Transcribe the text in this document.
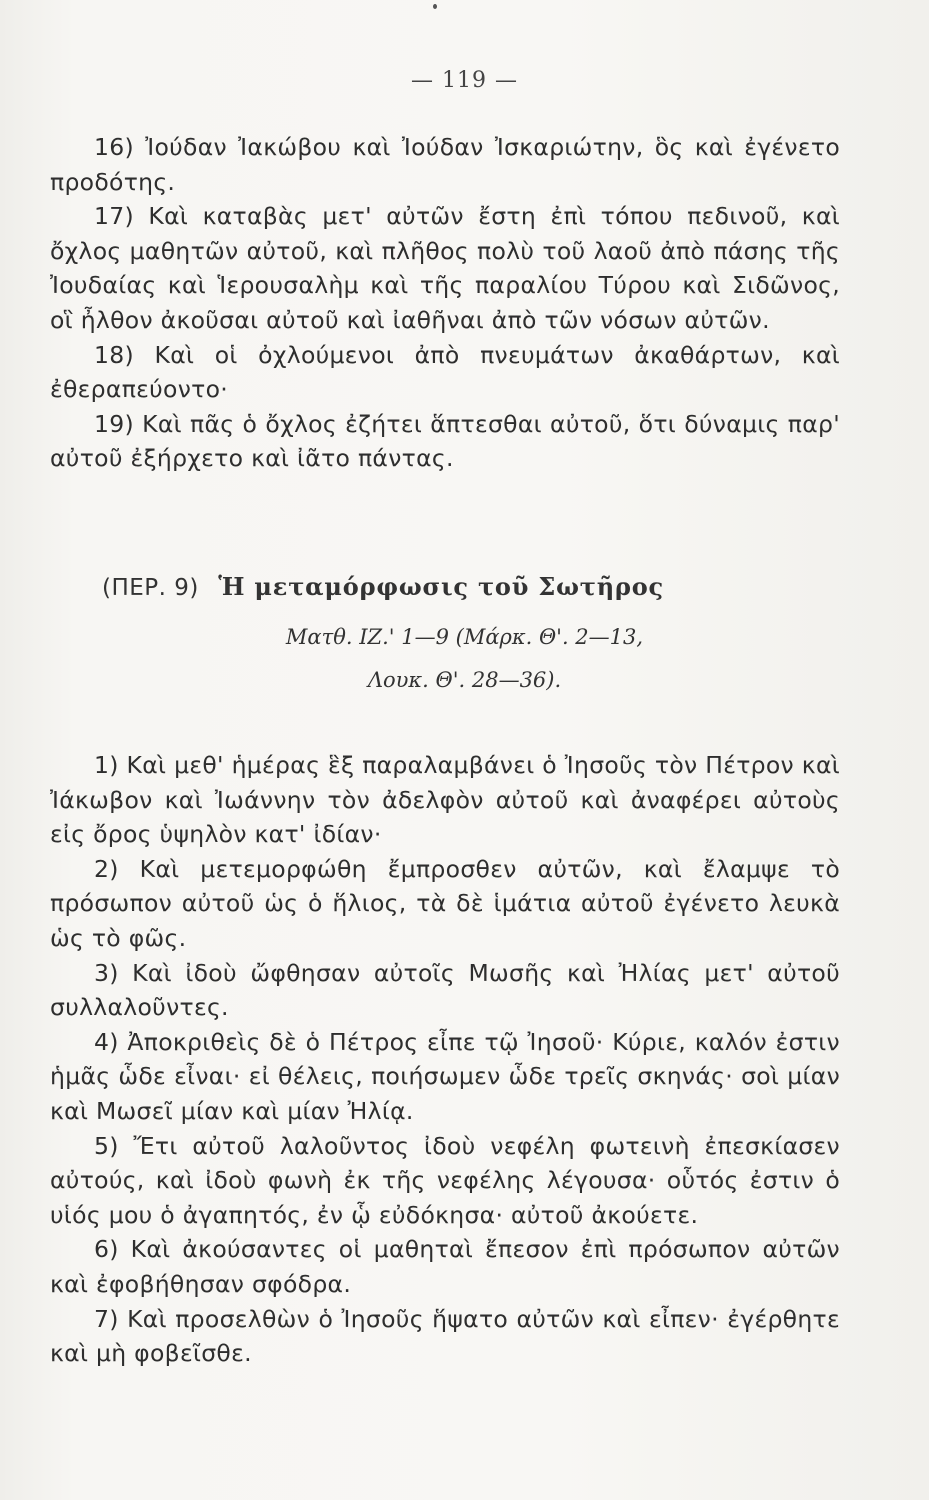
— 119 —

16) Ἰούδαν Ἰακώβου καὶ Ἰούδαν Ἰσκαριώτην, ὃς καὶ ἐγένετο προδότης.

17) Καὶ καταβὰς μετ' αὐτῶν ἔστη ἐπὶ τόπου πεδινοῦ, καὶ ὄχλος μαθητῶν αὐτοῦ, καὶ πλῆθος πολὺ τοῦ λαοῦ ἀπὸ πάσης τῆς Ἰουδαίας καὶ Ἱερουσαλὴμ καὶ τῆς παραλίου Τύρου καὶ Σιδῶνος, οἳ ἦλθον ἀκοῦσαι αὐτοῦ καὶ ἰαθῆναι ἀπὸ τῶν νόσων αὐτῶν.

18) Καὶ οἱ ὀχλούμενοι ἀπὸ πνευμάτων ἀκαθάρτων, καὶ ἐθεραπεύοντο·

19) Καὶ πᾶς ὁ ὄχλος ἐζήτει ἅπτεσθαι αὐτοῦ, ὅτι δύναμις παρ' αὐτοῦ ἐξήρχετο καὶ ἰᾶτο πάντας.

(ΠΕΡ. 9) Ἡ μεταμόρφωσις τοῦ Σωτῆρος
Ματθ. ΙΖ.' 1—9 (Μάρκ. Θ'. 2—13,
Λουκ. Θ'. 28—36).

1) Καὶ μεθ' ἡμέρας ἓξ παραλαμβάνει ὁ Ἰησοῦς τὸν Πέτρον καὶ Ἰάκωβον καὶ Ἰωάννην τὸν ἀδελφὸν αὐτοῦ καὶ ἀναφέρει αὐτοὺς εἰς ὄρος ὑψηλὸν κατ' ἰδίαν·

2) Καὶ μετεμορφώθη ἔμπροσθεν αὐτῶν, καὶ ἔλαμψε τὸ πρόσωπον αὐτοῦ ὡς ὁ ἥλιος, τὰ δὲ ἱμάτια αὐτοῦ ἐγένετο λευκὰ ὡς τὸ φῶς.

3) Καὶ ἰδοὺ ὤφθησαν αὐτοῖς Μωσῆς καὶ Ἠλίας μετ' αὐτοῦ συλλαλοῦντες.

4) Ἀποκριθεὶς δὲ ὁ Πέτρος εἶπε τῷ Ἰησοῦ· Κύριε, καλόν ἐστιν ἡμᾶς ὧδε εἶναι· εἰ θέλεις, ποιήσωμεν ὧδε τρεῖς σκηνάς· σοὶ μίαν καὶ Μωσεῖ μίαν καὶ μίαν Ἠλίᾳ.

5) Ἔτι αὐτοῦ λαλοῦντος ἰδοὺ νεφέλη φωτεινὴ ἐπεσκίασεν αὐτούς, καὶ ἰδοὺ φωνὴ ἐκ τῆς νεφέλης λέγουσα· οὗτός ἐστιν ὁ υἱός μου ὁ ἀγαπητός, ἐν ᾧ εὐδόκησα· αὐτοῦ ἀκούετε.

6) Καὶ ἀκούσαντες οἱ μαθηταὶ ἔπεσον ἐπὶ πρόσωπον αὐτῶν καὶ ἐφοβήθησαν σφόδρα.

7) Καὶ προσελθὼν ὁ Ἰησοῦς ἥψατο αὐτῶν καὶ εἶπεν· ἐγέρθητε καὶ μὴ φοβεῖσθε.
